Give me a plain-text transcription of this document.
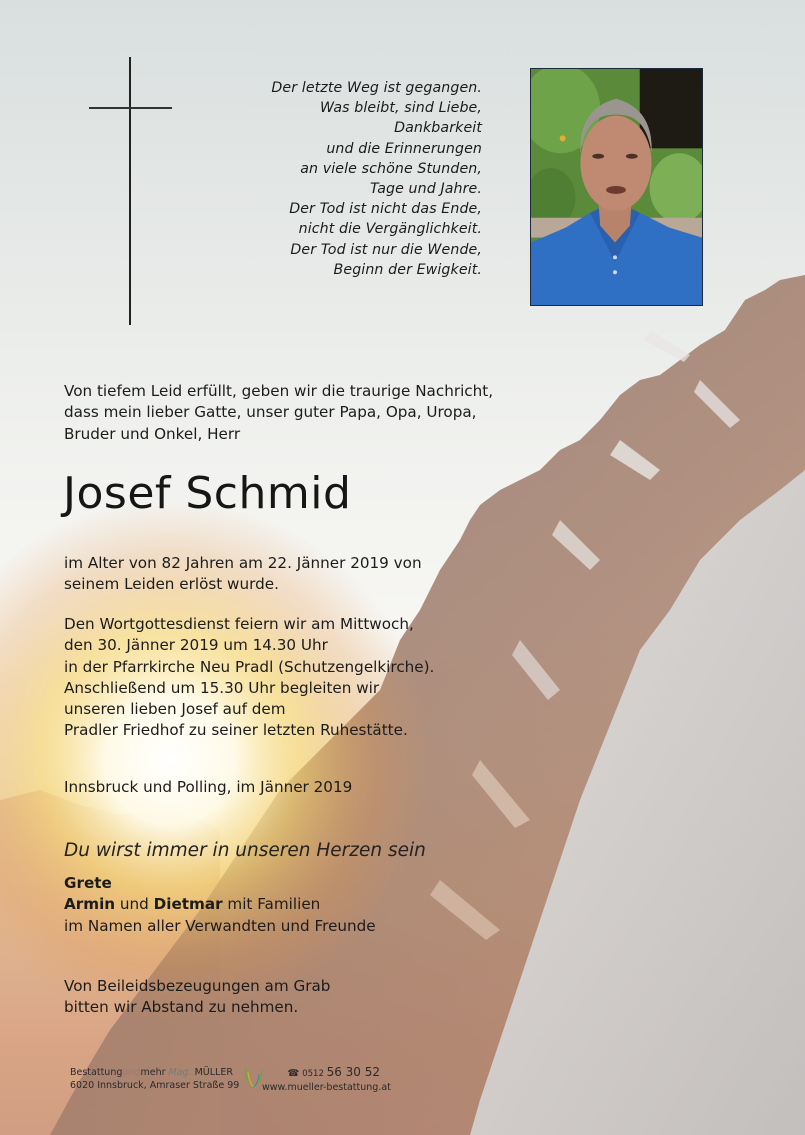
Der letzte Weg ist gegangen.
Was bleibt, sind Liebe,
Dankbarkeit
und die Erinnerungen
an viele schöne Stunden,
Tage und Jahre.
Der Tod ist nicht das Ende,
nicht die Vergänglichkeit.
Der Tod ist nur die Wende,
Beginn der Ewigkeit.
Von tiefem Leid erfüllt, geben wir die traurige Nachricht,
dass mein lieber Gatte, unser guter Papa, Opa, Uropa,
Bruder und Onkel, Herr
Josef Schmid
im Alter von 82 Jahren am 22. Jänner 2019 von
seinem Leiden erlöst wurde.
Den Wortgottesdienst feiern wir am Mittwoch,
den 30. Jänner 2019 um 14.30 Uhr
in der Pfarrkirche Neu Pradl (Schutzengelkirche).
Anschließend um 15.30 Uhr begleiten wir
unseren lieben Josef auf dem
Pradler Friedhof zu seiner letzten Ruhestätte.
Innsbruck und Polling, im Jänner 2019
Du wirst immer in unseren Herzen sein
Grete
Armin und Dietmar mit Familien
im Namen aller Verwandten und Freunde
Von Beileidsbezeugungen am Grab
bitten wir Abstand zu nehmen.
Bestattungundmehr Mag. MÜLLER
6020 Innsbruck, Amraser Straße 99
☎ 0512 56 30 52
www.mueller-bestattung.at
